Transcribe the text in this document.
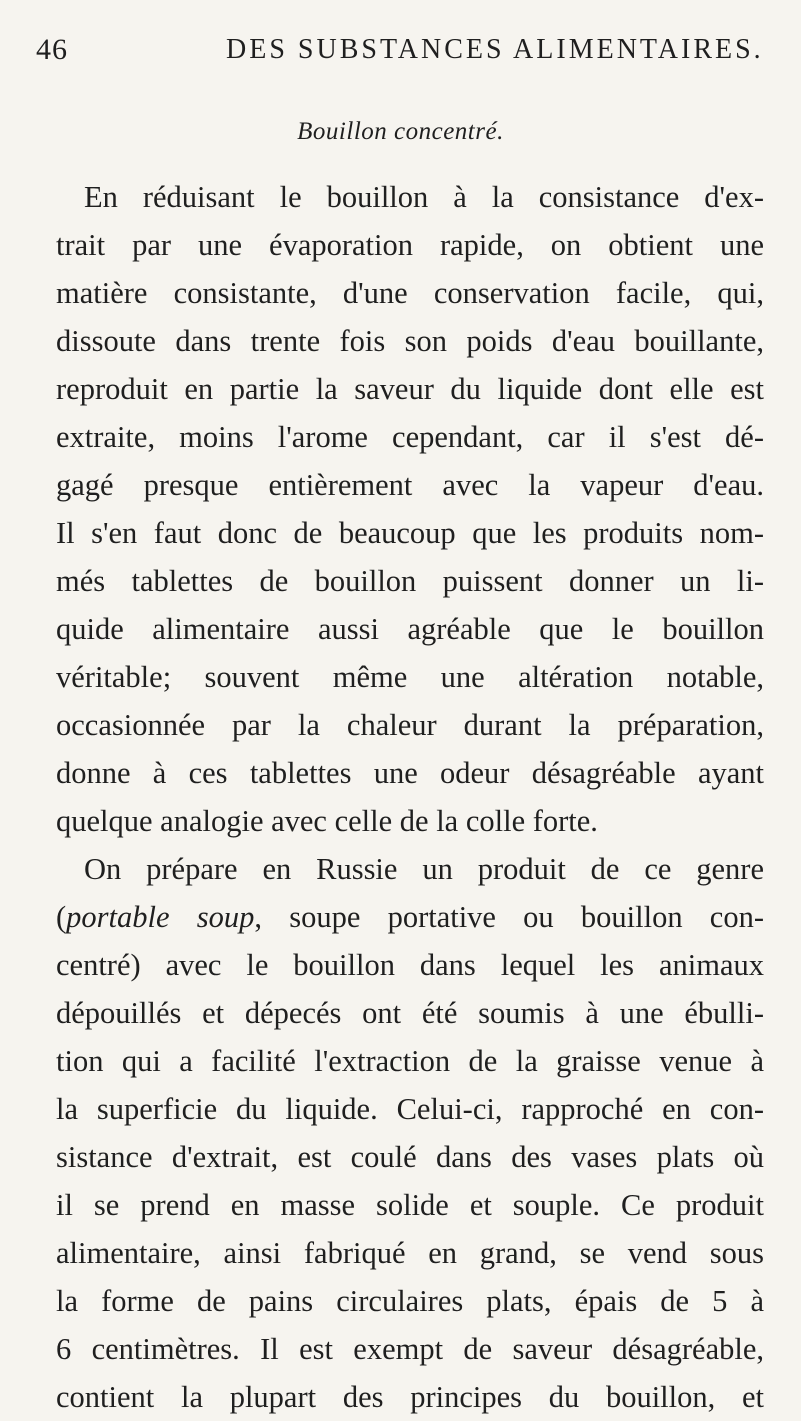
46	DES SUBSTANCES ALIMENTAIRES.
Bouillon concentré.
En réduisant le bouillon à la consistance d'ex-
trait par une évaporation rapide, on obtient une
matière consistante, d'une conservation facile, qui,
dissoute dans trente fois son poids d'eau bouillante,
reproduit en partie la saveur du liquide dont elle est
extraite, moins l'arome cependant, car il s'est dé-
gagé presque entièrement avec la vapeur d'eau.
Il s'en faut donc de beaucoup que les produits nom-
més tablettes de bouillon puissent donner un li-
quide alimentaire aussi agréable que le bouillon
véritable; souvent même une altération notable,
occasionnée par la chaleur durant la préparation,
donne à ces tablettes une odeur désagréable ayant
quelque analogie avec celle de la colle forte.
On prépare en Russie un produit de ce genre
(portable soup, soupe portative ou bouillon con-
centré) avec le bouillon dans lequel les animaux
dépouillés et dépecés ont été soumis à une ébulli-
tion qui a facilité l'extraction de la graisse venue à
la superficie du liquide. Celui-ci, rapproché en con-
sistance d'extrait, est coulé dans des vases plats où
il se prend en masse solide et souple. Ce produit
alimentaire, ainsi fabriqué en grand, se vend sous
la forme de pains circulaires plats, épais de 5 à
6 centimètres. Il est exempt de saveur désagréable,
contient la plupart des principes du bouillon, et
